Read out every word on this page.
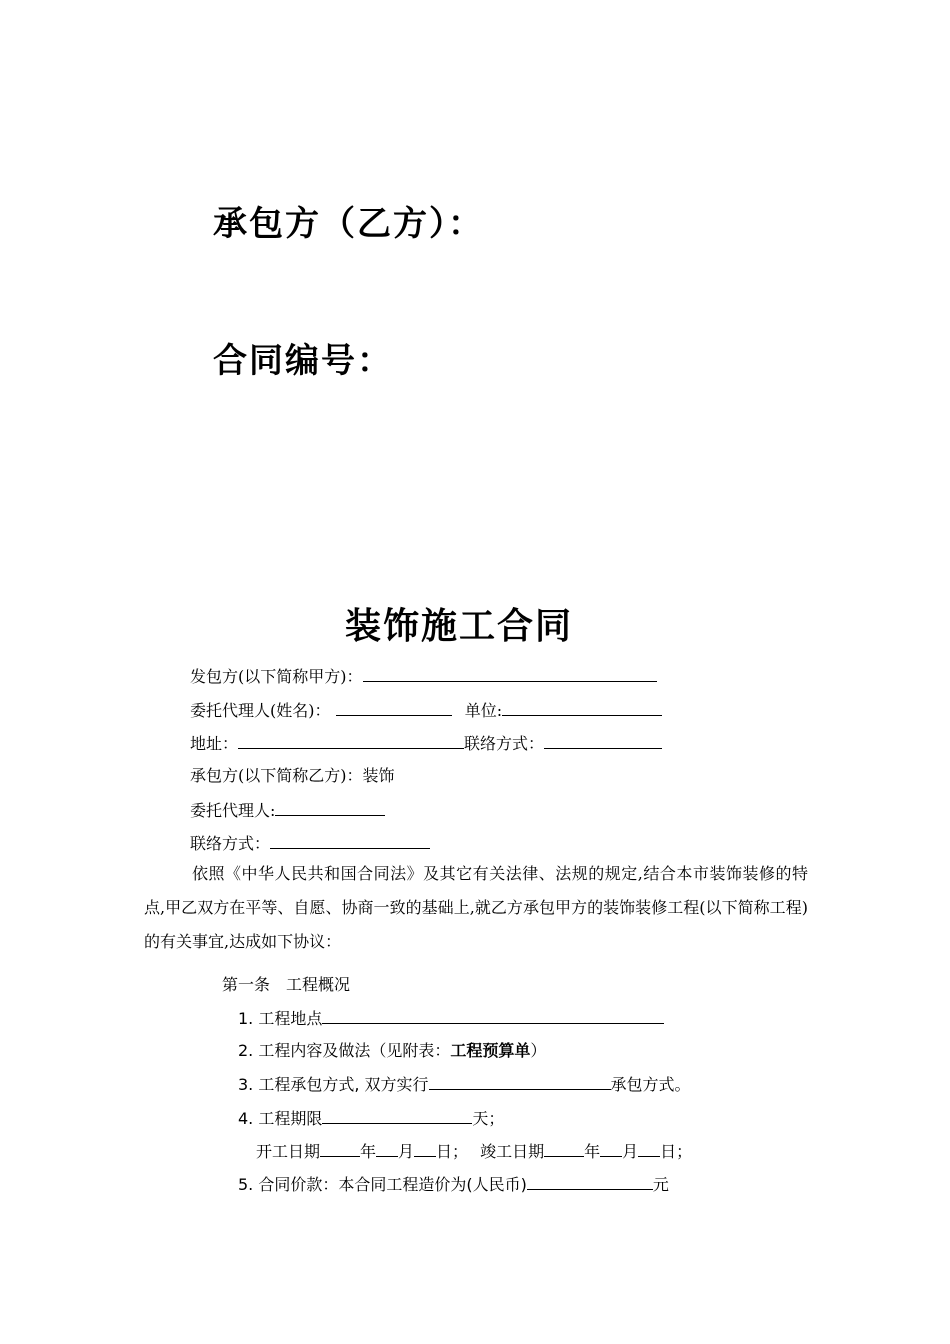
承包方（乙方）：
合同编号：
装饰施工合同
发包方(以下简称甲方)：
委托代理人(姓名)：	单位:
地址：	联络方式：
承包方(以下简称乙方)：装饰
委托代理人:
联络方式：
依照《中华人民共和国合同法》及其它有关法律、法规的规定,结合本市装饰装修的特点,甲乙双方在平等、自愿、协商一致的基础上,就乙方承包甲方的装饰装修工程(以下简称工程)的有关事宜,达成如下协议：
第一条　工程概况
1. 工程地点
2. 工程内容及做法（见附表：工程预算单）
3. 工程承包方式, 双方实行	承包方式。
4. 工程期限	天；
开工日期	年 月 日； 竣工日期	年 月 日；
5. 合同价款：本合同工程造价为(人民币)	元
